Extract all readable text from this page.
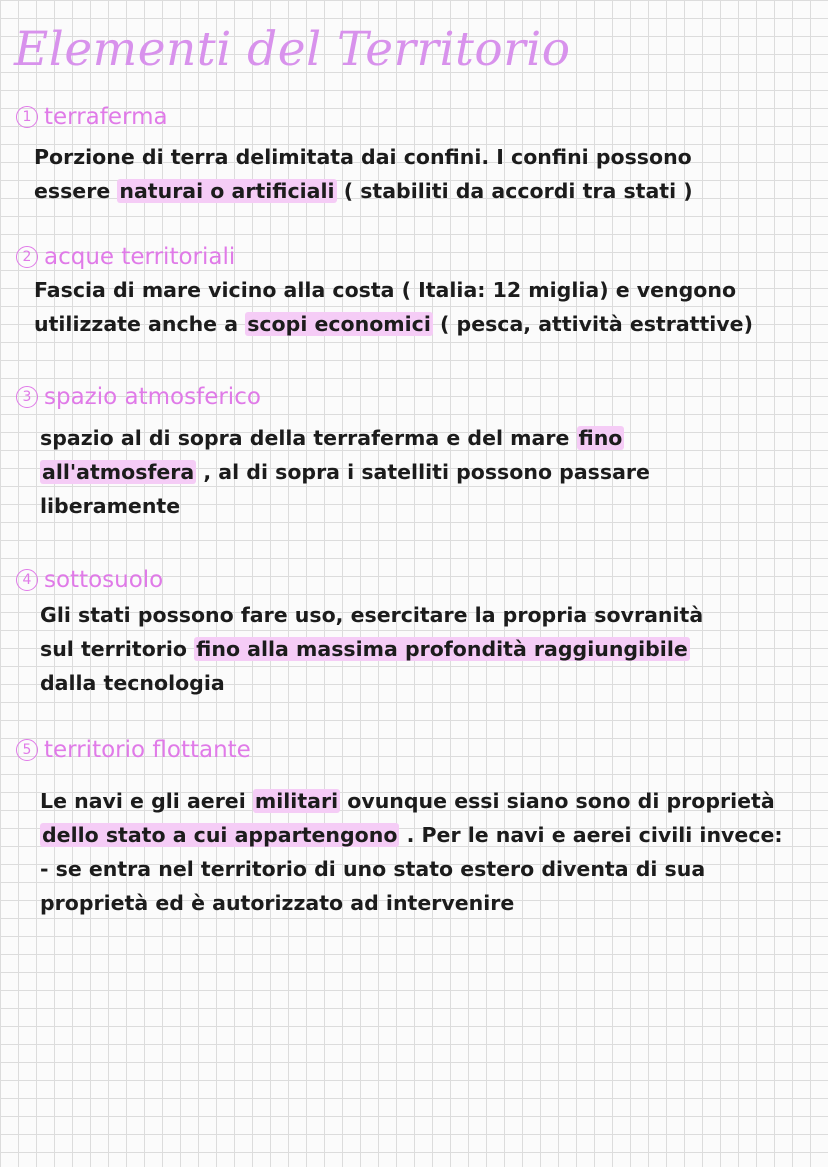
Elementi del Territorio
1 terraferma
Porzione di terra delimitata dai confini. I confini possono
essere naturai o artificiali ( stabiliti da accordi tra stati )
2 acque territoriali
Fascia di mare vicino alla costa ( Italia: 12 miglia) e vengono
utilizzate anche a scopi economici ( pesca, attività estrattive)
3 spazio atmosferico
spazio al di sopra della terraferma e del mare fino
all'atmosfera , al di sopra i satelliti possono passare
liberamente
4 sottosuolo
Gli stati possono fare uso, esercitare la propria sovranità
sul territorio fino alla massima profondità raggiungibile
dalla tecnologia
5 territorio flottante
Le navi e gli aerei militari ovunque essi siano sono di proprietà
dello stato a cui appartengono . Per le navi e aerei civili invece:
- se entra nel territorio di uno stato estero diventa di sua
proprietà ed è autorizzato ad intervenire
